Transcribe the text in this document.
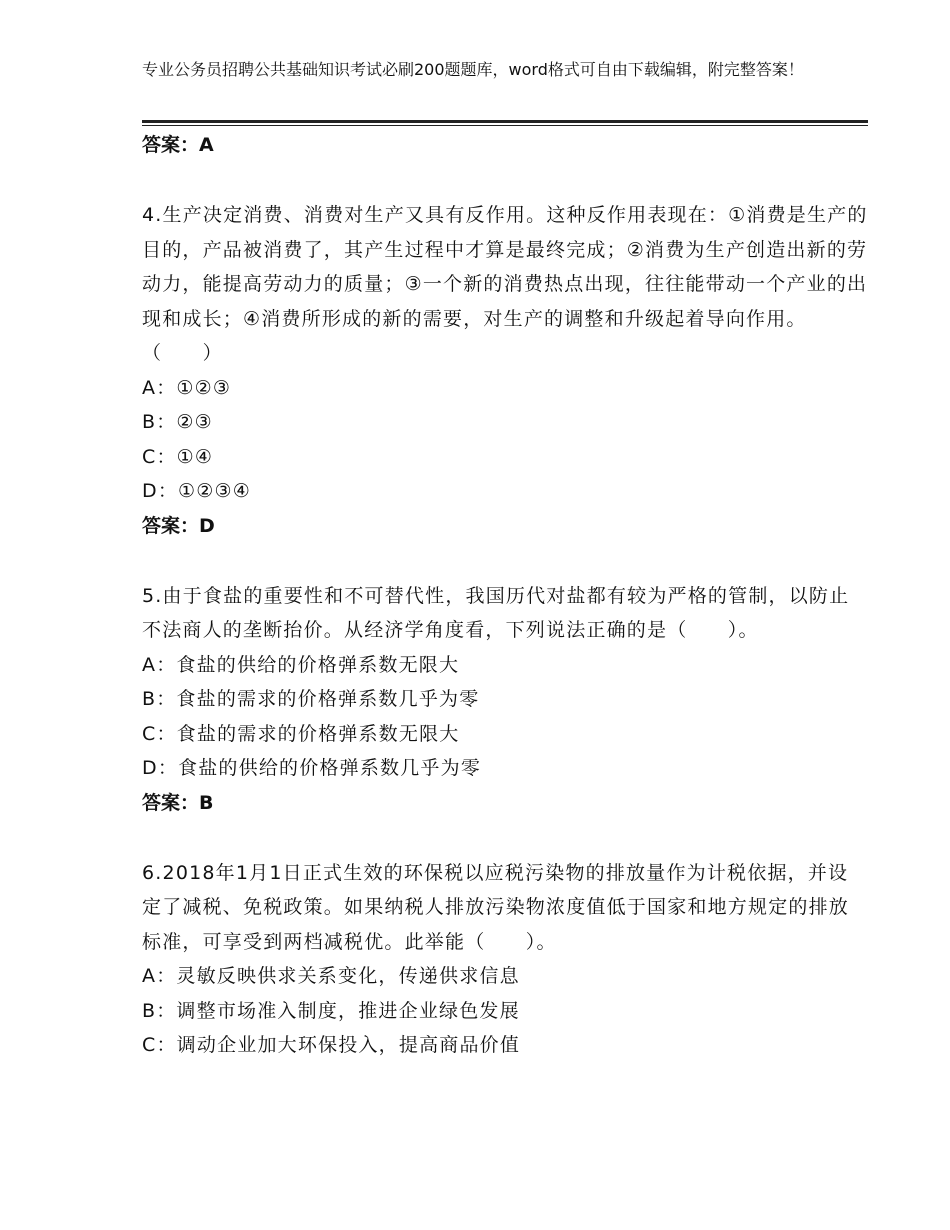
专业公务员招聘公共基础知识考试必刷200题题库，word格式可自由下载编辑，附完整答案！
答案：A
4.生产决定消费、消费对生产又具有反作用。这种反作用表现在：①消费是生产的目的，产品被消费了，其产生过程中才算是最终完成；②消费为生产创造出新的劳动力，能提高劳动力的质量；③一个新的消费热点出现，往往能带动一个产业的出现和成长；④消费所形成的新的需要，对生产的调整和升级起着导向作用。（　　）
A：①②③
B：②③
C：①④
D：①②③④
答案：D
5.由于食盐的重要性和不可替代性，我国历代对盐都有较为严格的管制，以防止不法商人的垄断抬价。从经济学角度看，下列说法正确的是（　　）。
A：食盐的供给的价格弹系数无限大
B：食盐的需求的价格弹系数几乎为零
C：食盐的需求的价格弹系数无限大
D：食盐的供给的价格弹系数几乎为零
答案：B
6.2018年1月1日正式生效的环保税以应税污染物的排放量作为计税依据，并设定了减税、免税政策。如果纳税人排放污染物浓度值低于国家和地方规定的排放标准，可享受到两档减税优。此举能（　　）。
A：灵敏反映供求关系变化，传递供求信息
B：调整市场准入制度，推进企业绿色发展
C：调动企业加大环保投入，提高商品价值
